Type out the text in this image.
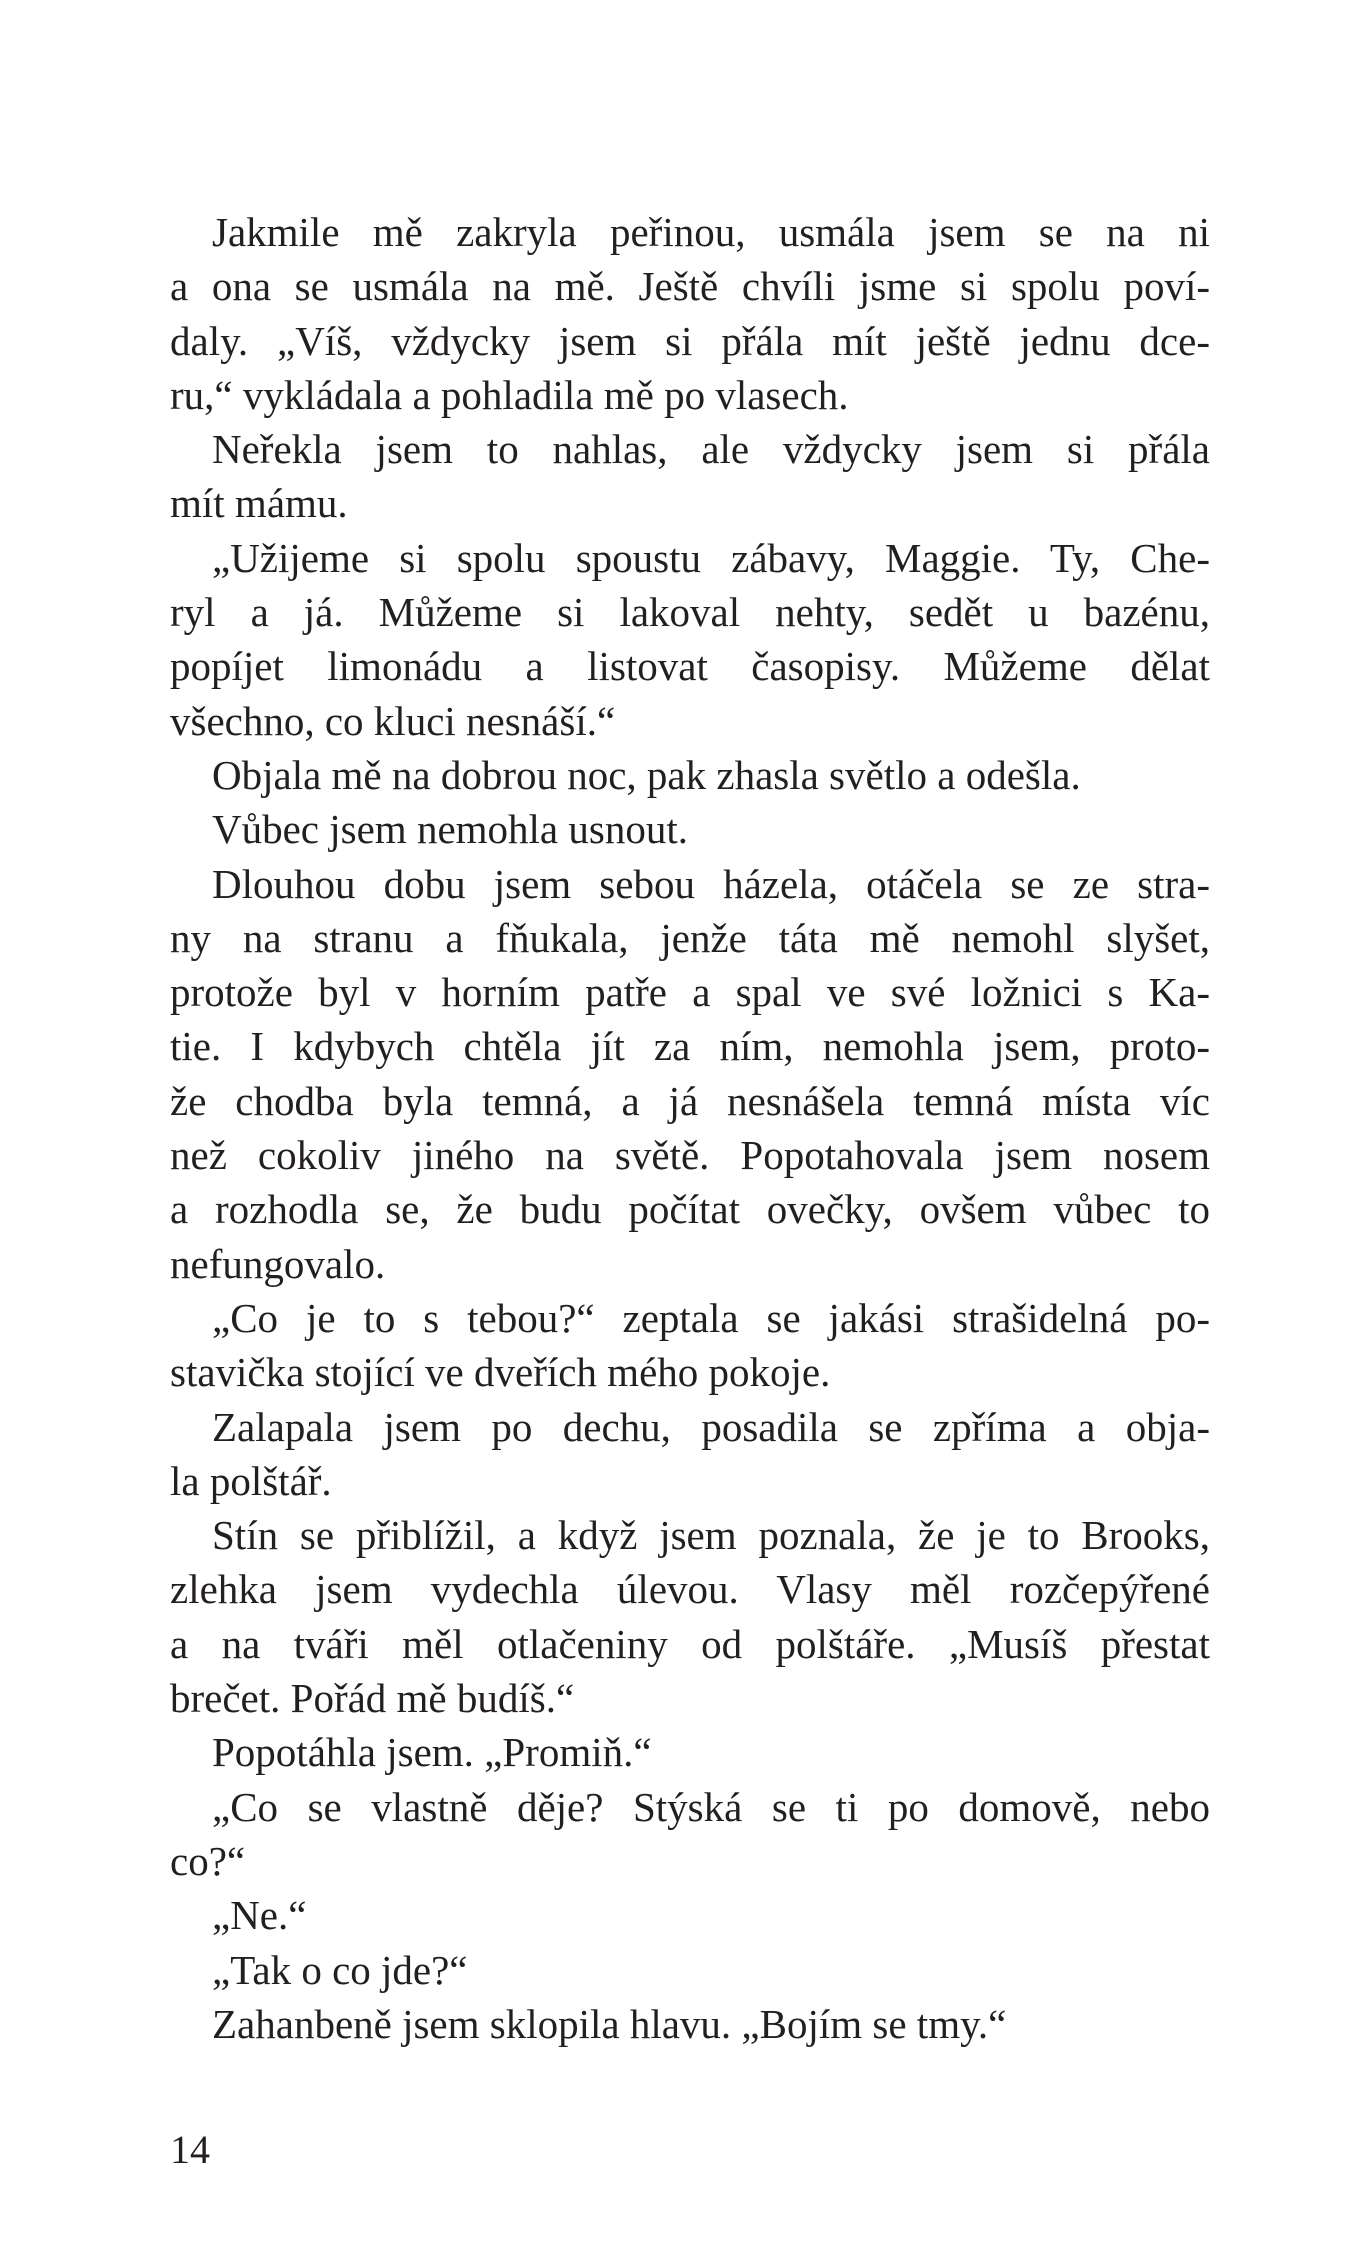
Jakmile mě zakryla peřinou, usmála jsem se na ni
a ona se usmála na mě. Ještě chvíli jsme si spolu poví-
daly. „Víš, vždycky jsem si přála mít ještě jednu dce-
ru,“ vykládala a pohladila mě po vlasech.
Neřekla jsem to nahlas, ale vždycky jsem si přála
mít mámu.
„Užijeme si spolu spoustu zábavy, Maggie. Ty, Che-
ryl a já. Můžeme si lakoval nehty, sedět u bazénu,
popíjet limonádu a listovat časopisy. Můžeme dělat
všechno, co kluci nesnáší.“
Objala mě na dobrou noc, pak zhasla světlo a odešla.
Vůbec jsem nemohla usnout.
Dlouhou dobu jsem sebou házela, otáčela se ze stra-
ny na stranu a fňukala, jenže táta mě nemohl slyšet,
protože byl v horním patře a spal ve své ložnici s Ka-
tie. I kdybych chtěla jít za ním, nemohla jsem, proto-
že chodba byla temná, a já nesnášela temná místa víc
než cokoliv jiného na světě. Popotahovala jsem nosem
a rozhodla se, že budu počítat ovečky, ovšem vůbec to
nefungovalo.
„Co je to s tebou?“ zeptala se jakási strašidelná po-
stavička stojící ve dveřích mého pokoje.
Zalapala jsem po dechu, posadila se zpříma a obja-
la polštář.
Stín se přiblížil, a když jsem poznala, že je to Brooks,
zlehka jsem vydechla úlevou. Vlasy měl rozčepýřené
a na tváři měl otlačeniny od polštáře. „Musíš přestat
brečet. Pořád mě budíš.“
Popotáhla jsem. „Promiň.“
„Co se vlastně děje? Stýská se ti po domově, nebo
co?“
„Ne.“
„Tak o co jde?“
Zahanbeně jsem sklopila hlavu. „Bojím se tmy.“
14
